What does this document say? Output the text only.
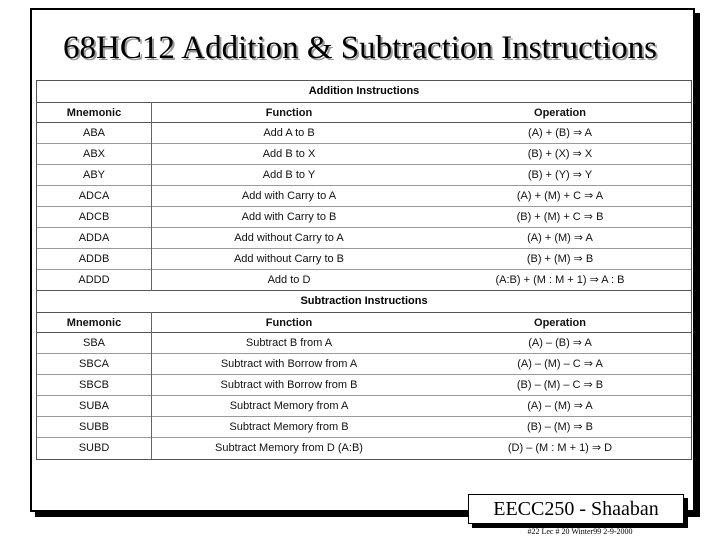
68HC12 Addition & Subtraction Instructions
Addition Instructions
Mnemonic	Function	Operation
ABA	Add A to B	(A) + (B) ⇒ A
ABX	Add B to X	(B) + (X) ⇒ X
ABY	Add B to Y	(B) + (Y) ⇒ Y
ADCA	Add with Carry to A	(A) + (M) + C ⇒ A
ADCB	Add with Carry to B	(B) + (M) + C ⇒ B
ADDA	Add without Carry to A	(A) + (M) ⇒ A
ADDB	Add without Carry to B	(B) + (M) ⇒ B
ADDD	Add to D	(A:B) + (M : M + 1) ⇒ A : B
Subtraction Instructions
Mnemonic	Function	Operation
SBA	Subtract B from A	(A) – (B) ⇒ A
SBCA	Subtract with Borrow from A	(A) – (M) – C ⇒ A
SBCB	Subtract with Borrow from B	(B) – (M) – C ⇒ B
SUBA	Subtract Memory from A	(A) – (M) ⇒ A
SUBB	Subtract Memory from B	(B) – (M) ⇒ B
SUBD	Subtract Memory from D (A:B)	(D) – (M : M + 1) ⇒ D
EECC250 - Shaaban
#22 Lec # 20 Winter99 2-9-2000
